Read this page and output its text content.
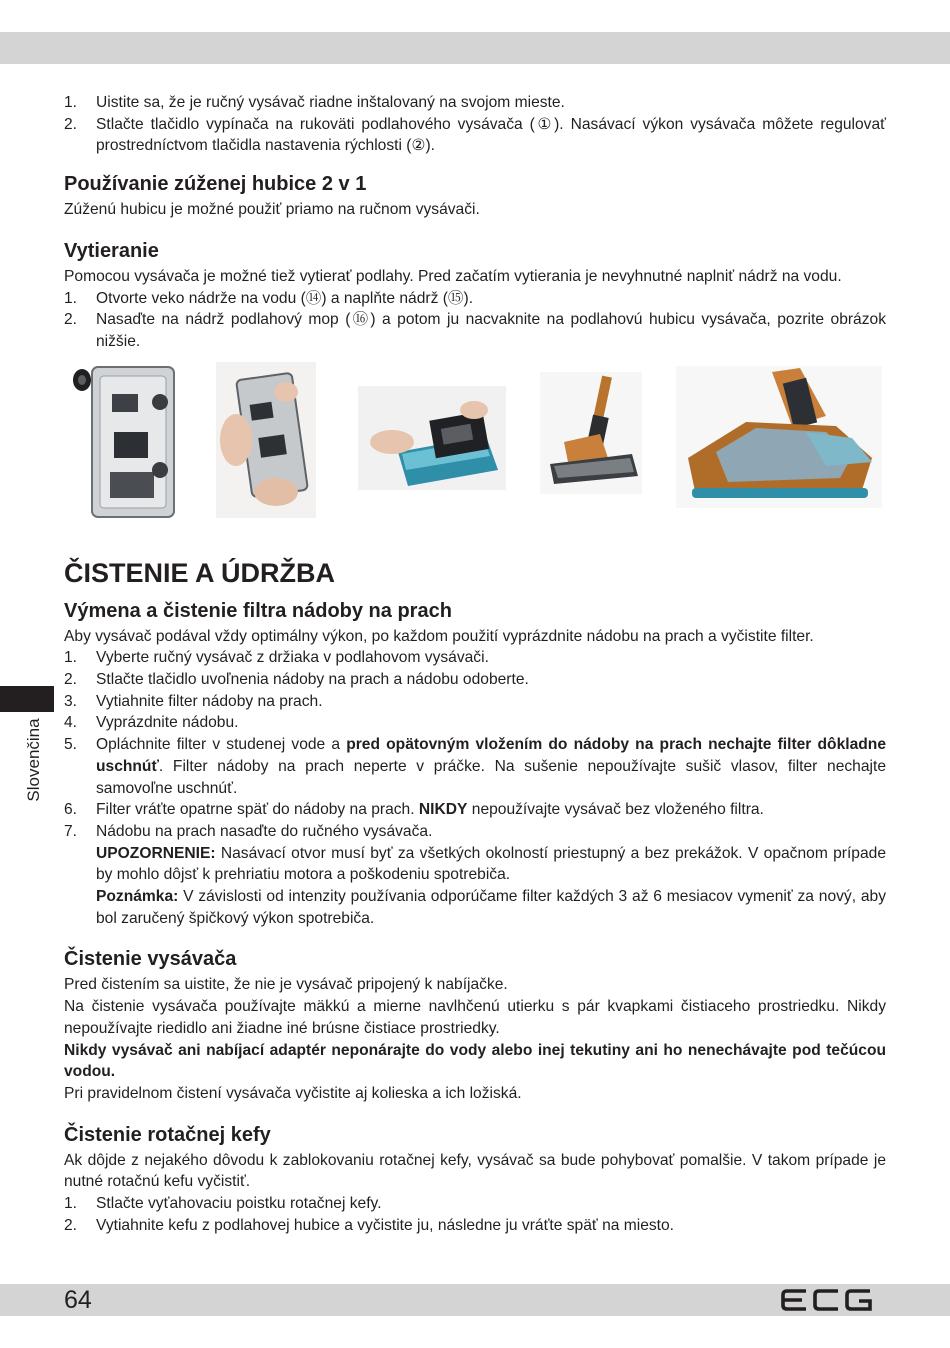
Slovenčina
1. Uistite sa, že je ručný vysávač riadne inštalovaný na svojom mieste.
2. Stlačte tlačidlo vypínača na rukoväti podlahového vysávača (①). Nasávací výkon vysávača môžete regulovať prostredníctvom tlačidla nastavenia rýchlosti (②).
Používanie zúženej hubice 2 v 1

Zúženú hubicu je možné použiť priamo na ručnom vysávači.

Vytieranie

Pomocou vysávača je možné tiež vytierať podlahy. Pred začatím vytierania je nevyhnutné naplniť nádrž na vodu.

1. Otvorte veko nádrže na vodu (⑭) a naplňte nádrž (⑮).
2. Nasaďte na nádrž podlahový mop (⑯) a potom ju nacvaknite na podlahovú hubicu vysávača, pozrite obrázok nižšie.
ČISTENIE A ÚDRŽBA
Výmena a čistenie filtra nádoby na prach

Aby vysávač podával vždy optimálny výkon, po každom použití vyprázdnite nádobu na prach a vyčistite filter.

1. Vyberte ručný vysávač z držiaka v podlahovom vysávači.
2. Stlačte tlačidlo uvoľnenia nádoby na prach a nádobu odoberte.
3. Vytiahnite filter nádoby na prach.
4. Vyprázdnite nádobu.
5. Opláchnite filter v studenej vode a pred opätovným vložením do nádoby na prach nechajte filter dôkladne uschnúť. Filter nádoby na prach neperte v práčke. Na sušenie nepoužívajte sušič vlasov, filter nechajte samovoľne uschnúť.
6. Filter vráťte opatrne späť do nádoby na prach. NIKDY nepoužívajte vysávač bez vloženého filtra.
7. Nádobu na prach nasaďte do ručného vysávača.
UPOZORNENIE: Nasávací otvor musí byť za všetkých okolností priestupný a bez prekážok. V opačnom prípade by mohlo dôjsť k prehriatiu motora a poškodeniu spotrebiča.
Poznámka: V závislosti od intenzity používania odporúčame filter každých 3 až 6 mesiacov vymeniť za nový, aby bol zaručený špičkový výkon spotrebiča.
Čistenie vysávača

Pred čistením sa uistite, že nie je vysávač pripojený k nabíjačke.

Na čistenie vysávača používajte mäkkú a mierne navlhčenú utierku s pár kvapkami čistiaceho prostriedku. Nikdy nepoužívajte riedidlo ani žiadne iné brúsne čistiace prostriedky.

Nikdy vysávač ani nabíjací adaptér neponárajte do vody alebo inej tekutiny ani ho nenechávajte pod tečúcou vodou.

Pri pravidelnom čistení vysávača vyčistite aj kolieska a ich ložiská.

Čistenie rotačnej kefy

Ak dôjde z nejakého dôvodu k zablokovaniu rotačnej kefy, vysávač sa bude pohybovať pomalšie. V takom prípade je nutné rotačnú kefu vyčistiť.

1. Stlačte vyťahovaciu poistku rotačnej kefy.
2. Vytiahnite kefu z podlahovej hubice a vyčistite ju, následne ju vráťte späť na miesto.
64
